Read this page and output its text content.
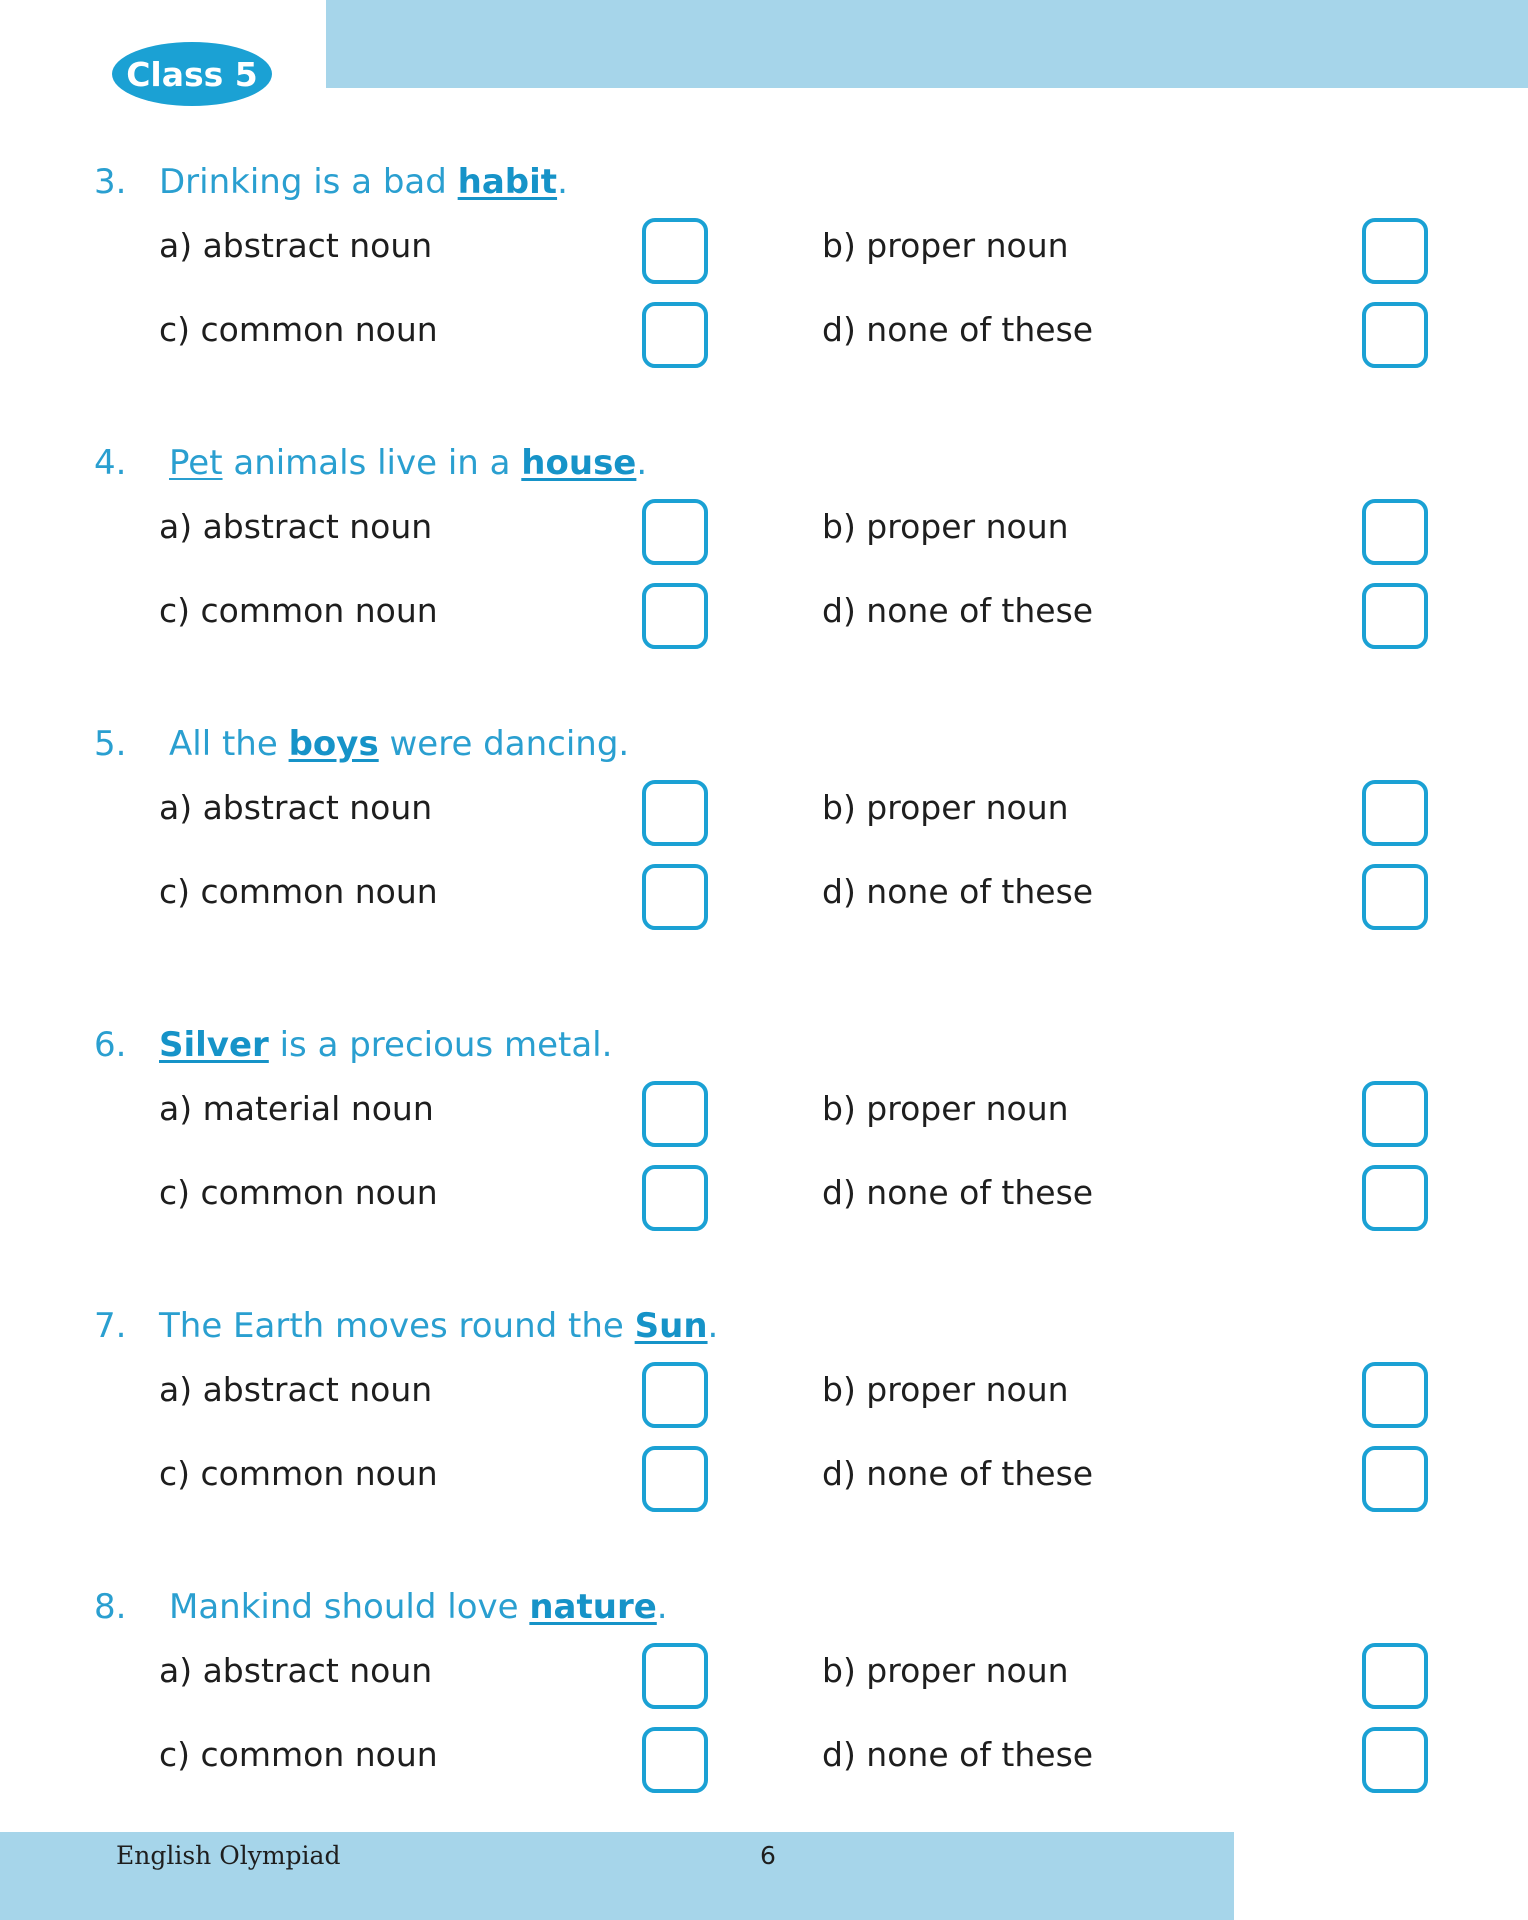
Class 5
3. Drinking is a bad habit.
a) abstract noun	b) proper noun
c) common noun	d) none of these
4. Pet animals live in a house.
a) abstract noun	b) proper noun
c) common noun	d) none of these
5. All the boys were dancing.
a) abstract noun	b) proper noun
c) common noun	d) none of these
6. Silver is a precious metal.
a) material noun	b) proper noun
c) common noun	d) none of these
7. The Earth moves round the Sun.
a) abstract noun	b) proper noun
c) common noun	d) none of these
8. Mankind should love nature.
a) abstract noun	b) proper noun
c) common noun	d) none of these
English Olympiad	6
